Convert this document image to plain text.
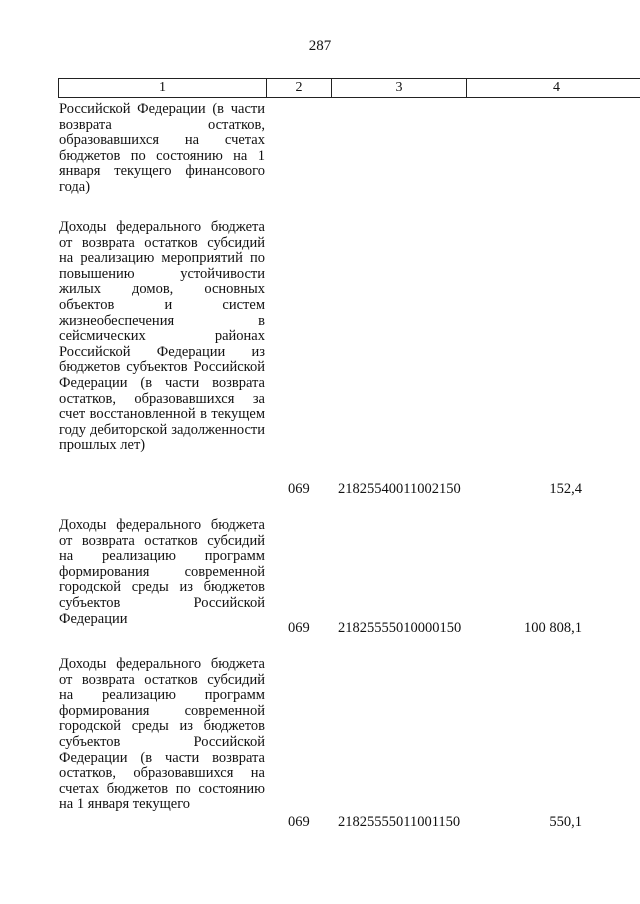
287
1	2	3	4

Российской Федерации (в части возврата остатков, образовавшихся на счетах бюджетов по состоянию на 1 января текущего финансового года)

Доходы федерального бюджета от возврата остатков субсидий на реализацию мероприятий по повышению устойчивости жилых домов, основных объектов и систем жизнеобеспечения в сейсмических районах Российской Федерации из бюджетов субъектов Российской Федерации (в части возврата остатков, образовавшихся за счет восстановленной в текущем году дебиторской задолженности прошлых лет)

069 21825540011002150	152,4

Доходы федерального бюджета от возврата остатков субсидий на реализацию программ формирования современной городской среды из бюджетов субъектов Российской Федерации

069 21825555010000150	100 808,1

Доходы федерального бюджета от возврата остатков субсидий на реализацию программ формирования современной городской среды из бюджетов субъектов Российской Федерации (в части возврата остатков, образовавшихся на счетах бюджетов по состоянию на 1 января текущего

069 21825555011001150	550,1
